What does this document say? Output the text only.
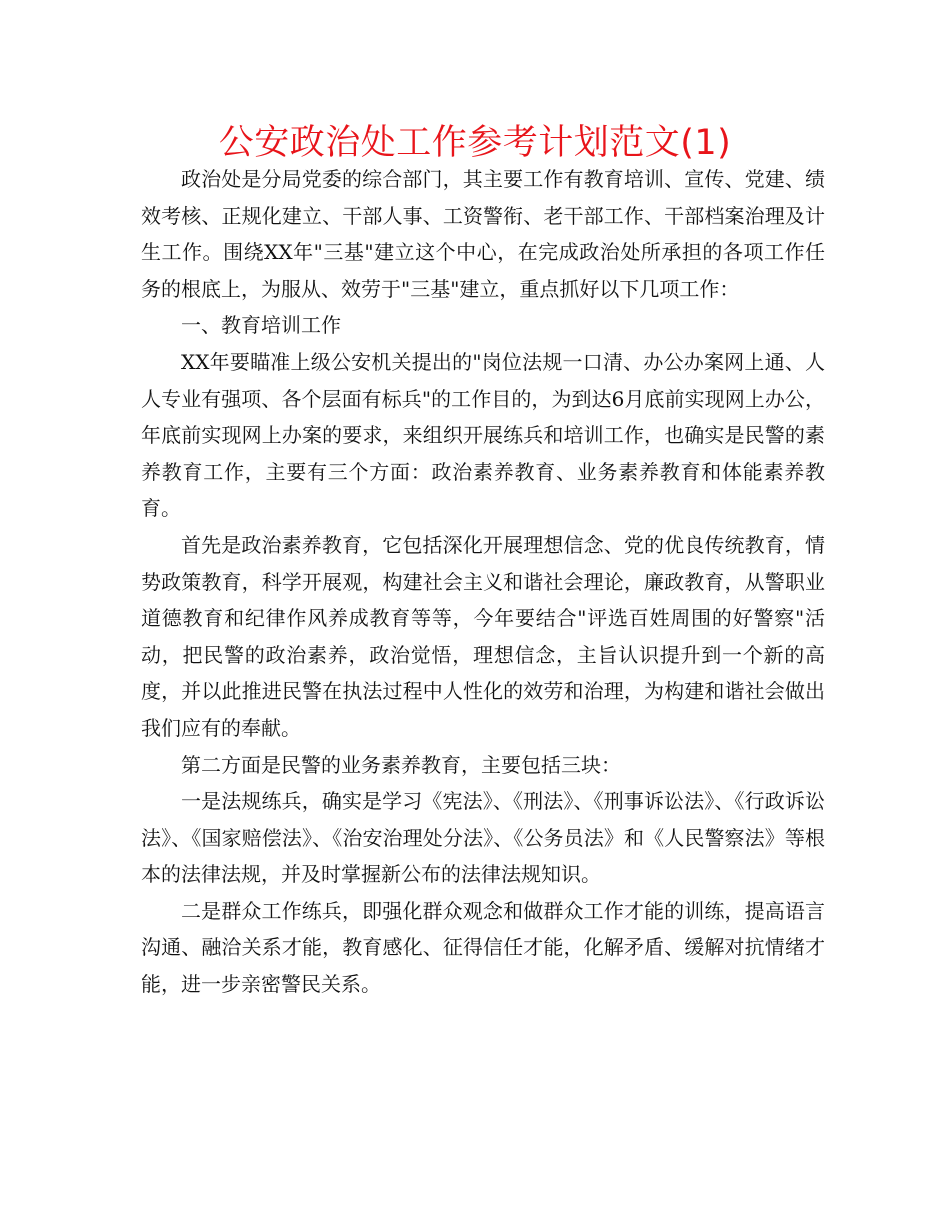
公安政治处工作参考计划范文(1)

政治处是分局党委的综合部门，其主要工作有教育培训、宣传、党建、绩效考核、正规化建立、干部人事、工资警衔、老干部工作、干部档案治理及计生工作。围绕XX年"三基"建立这个中心，在完成政治处所承担的各项工作任务的根底上，为服从、效劳于"三基"建立，重点抓好以下几项工作：

一、教育培训工作

XX年要瞄准上级公安机关提出的"岗位法规一口清、办公办案网上通、人人专业有强项、各个层面有标兵"的工作目的，为到达6月底前实现网上办公，年底前实现网上办案的要求，来组织开展练兵和培训工作，也确实是民警的素养教育工作，主要有三个方面：政治素养教育、业务素养教育和体能素养教育。

首先是政治素养教育，它包括深化开展理想信念、党的优良传统教育，情势政策教育，科学开展观，构建社会主义和谐社会理论，廉政教育，从警职业道德教育和纪律作风养成教育等等，今年要结合"评选百姓周围的好警察"活动，把民警的政治素养，政治觉悟，理想信念，主旨认识提升到一个新的高度，并以此推进民警在执法过程中人性化的效劳和治理，为构建和谐社会做出我们应有的奉献。

第二方面是民警的业务素养教育，主要包括三块：

一是法规练兵，确实是学习《宪法》、《刑法》、《刑事诉讼法》、《行政诉讼法》、《国家赔偿法》、《治安治理处分法》、《公务员法》和《人民警察法》等根本的法律法规，并及时掌握新公布的法律法规知识。

二是群众工作练兵，即强化群众观念和做群众工作才能的训练，提高语言沟通、融洽关系才能，教育感化、征得信任才能，化解矛盾、缓解对抗情绪才能，进一步亲密警民关系。
